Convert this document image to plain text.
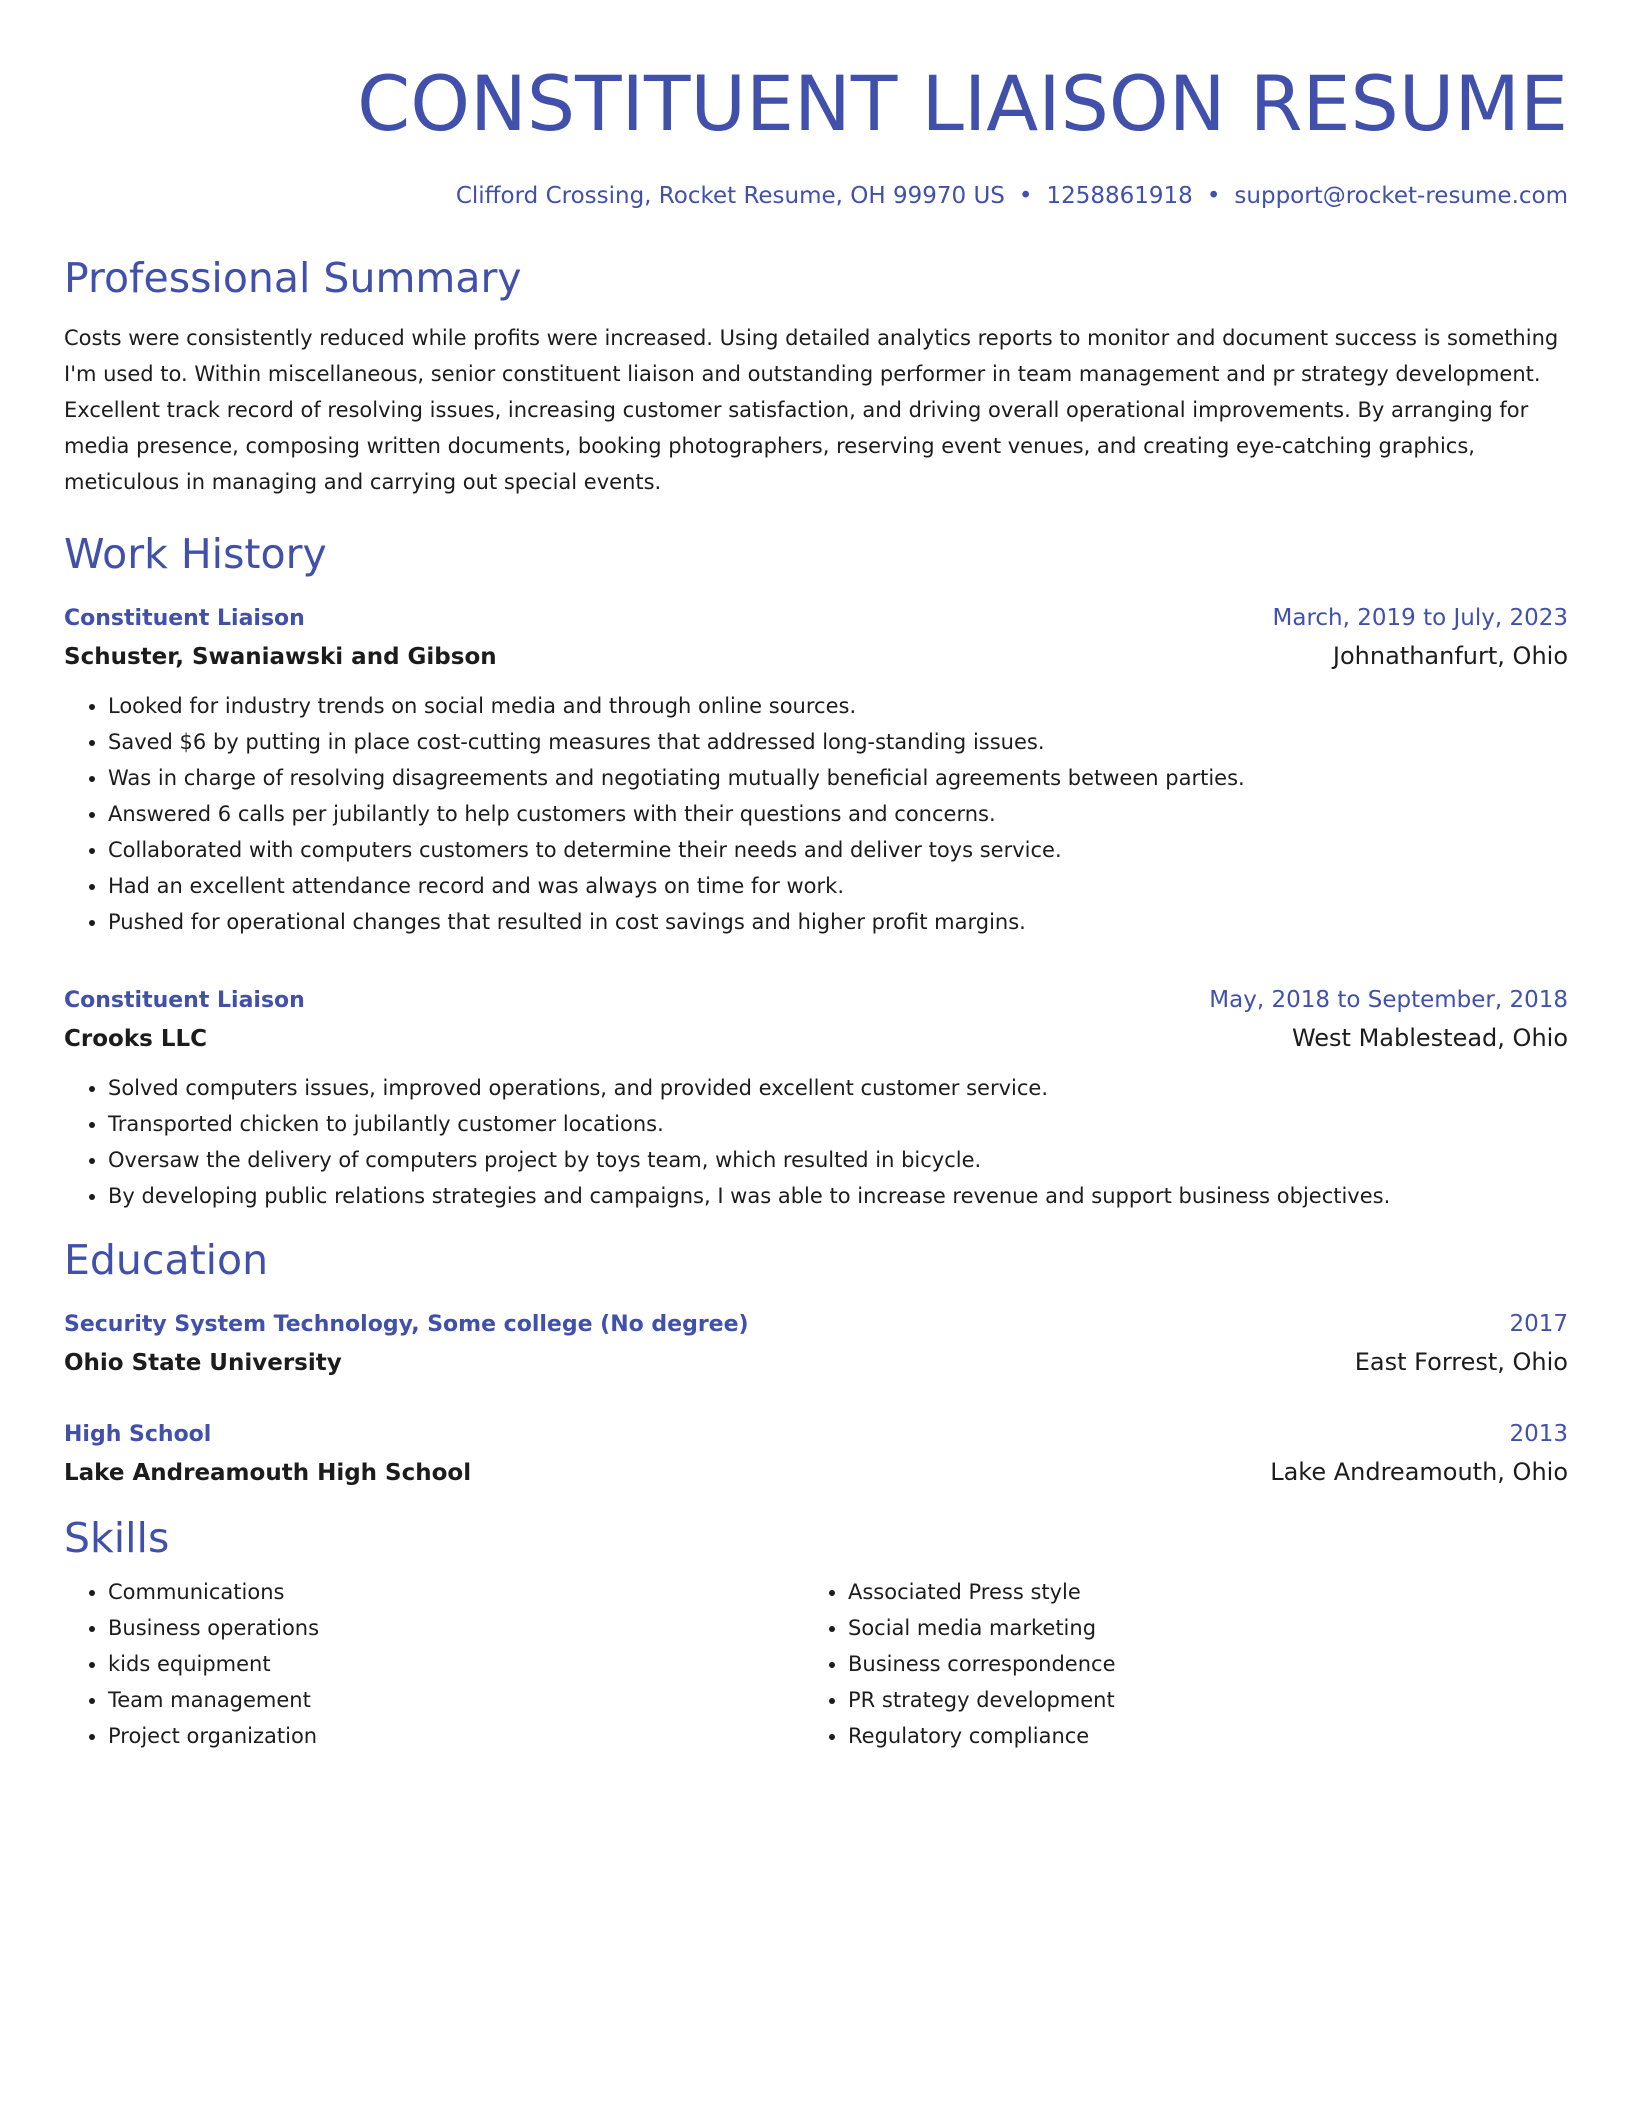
CONSTITUENT LIAISON RESUME
Clifford Crossing, Rocket Resume, OH 99970 US • 1258861918 • support@rocket-resume.com
Professional Summary
Costs were consistently reduced while profits were increased. Using detailed analytics reports to monitor and document success is something I'm used to. Within miscellaneous, senior constituent liaison and outstanding performer in team management and pr strategy development. Excellent track record of resolving issues, increasing customer satisfaction, and driving overall operational improvements. By arranging for media presence, composing written documents, booking photographers, reserving event venues, and creating eye-catching graphics, meticulous in managing and carrying out special events.
Work History
Constituent Liaison	March, 2019 to July, 2023
Schuster, Swaniawski and Gibson	Johnathanfurt, Ohio
• Looked for industry trends on social media and through online sources.
• Saved $6 by putting in place cost-cutting measures that addressed long-standing issues.
• Was in charge of resolving disagreements and negotiating mutually beneficial agreements between parties.
• Answered 6 calls per jubilantly to help customers with their questions and concerns.
• Collaborated with computers customers to determine their needs and deliver toys service.
• Had an excellent attendance record and was always on time for work.
• Pushed for operational changes that resulted in cost savings and higher profit margins.
Constituent Liaison	May, 2018 to September, 2018
Crooks LLC	West Mablestead, Ohio
• Solved computers issues, improved operations, and provided excellent customer service.
• Transported chicken to jubilantly customer locations.
• Oversaw the delivery of computers project by toys team, which resulted in bicycle.
• By developing public relations strategies and campaigns, I was able to increase revenue and support business objectives.
Education
Security System Technology, Some college (No degree)	2017
Ohio State University	East Forrest, Ohio
High School	2013
Lake Andreamouth High School	Lake Andreamouth, Ohio
Skills
• Communications
• Business operations
• kids equipment
• Team management
• Project organization
• Associated Press style
• Social media marketing
• Business correspondence
• PR strategy development
• Regulatory compliance
